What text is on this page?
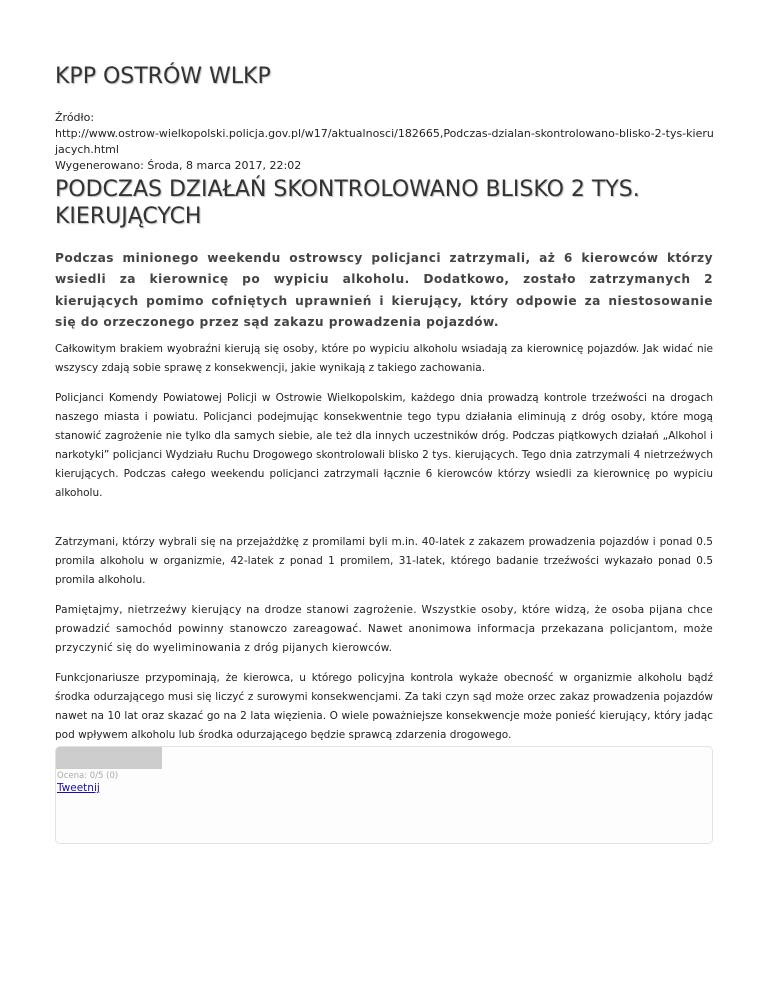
KPP OSTRÓW WLKP
Źródło:
http://www.ostrow-wielkopolski.policja.gov.pl/w17/aktualnosci/182665,Podczas-dzialan-skontrolowano-blisko-2-tys-kierujacych.html
Wygenerowano: Środa, 8 marca 2017, 22:02
PODCZAS DZIAŁAŃ SKONTROLOWANO BLISKO 2 TYS. KIERUJĄCYCH

Podczas minionego weekendu ostrowscy policjanci zatrzymali, aż 6 kierowców którzy wsiedli za kierownicę po wypiciu alkoholu. Dodatkowo, zostało zatrzymanych 2 kierujących pomimo cofniętych uprawnień i kierujący, który odpowie za niestosowanie się do orzeczonego przez sąd zakazu prowadzenia pojazdów.

Całkowitym brakiem wyobraźni kierują się osoby, które po wypiciu alkoholu wsiadają za kierownicę pojazdów. Jak widać nie wszyscy zdają sobie sprawę z konsekwencji, jakie wynikają z takiego zachowania.

Policjanci Komendy Powiatowej Policji w Ostrowie Wielkopolskim, każdego dnia prowadzą kontrole trzeźwości na drogach naszego miasta i powiatu. Policjanci podejmując konsekwentnie tego typu działania eliminują z dróg osoby, które mogą stanowić zagrożenie nie tylko dla samych siebie, ale też dla innych uczestników dróg. Podczas piątkowych działań „Alkohol i narkotyki” policjanci Wydziału Ruchu Drogowego skontrolowali blisko 2 tys. kierujących. Tego dnia zatrzymali 4 nietrzeźwych kierujących. Podczas całego weekendu policjanci zatrzymali łącznie 6 kierowców którzy wsiedli za kierownicę po wypiciu alkoholu.

Zatrzymani, którzy wybrali się na przejażdżkę z promilami byli m.in. 40-latek z zakazem prowadzenia pojazdów i ponad 0.5 promila alkoholu w organizmie, 42-latek z ponad 1 promilem, 31-latek, którego badanie trzeźwości wykazało ponad 0.5 promila alkoholu.

Pamiętajmy, nietrzeźwy kierujący na drodze stanowi zagrożenie. Wszystkie osoby, które widzą, że osoba pijana chce prowadzić samochód powinny stanowczo zareagować. Nawet anonimowa informacja przekazana policjantom, może przyczynić się do wyeliminowania z dróg pijanych kierowców.

Funkcjonariusze przypominają, że kierowca, u którego policyjna kontrola wykaże obecność w organizmie alkoholu bądź środka odurzającego musi się liczyć z surowymi konsekwencjami. Za taki czyn sąd może orzec zakaz prowadzenia pojazdów nawet na 10 lat oraz skazać go na 2 lata więzienia. O wiele poważniejsze konsekwencje może ponieść kierujący, który jadąc pod wpływem alkoholu lub środka odurzającego będzie sprawcą zdarzenia drogowego.

Ocena: 0/5 (0)
Tweetnij
